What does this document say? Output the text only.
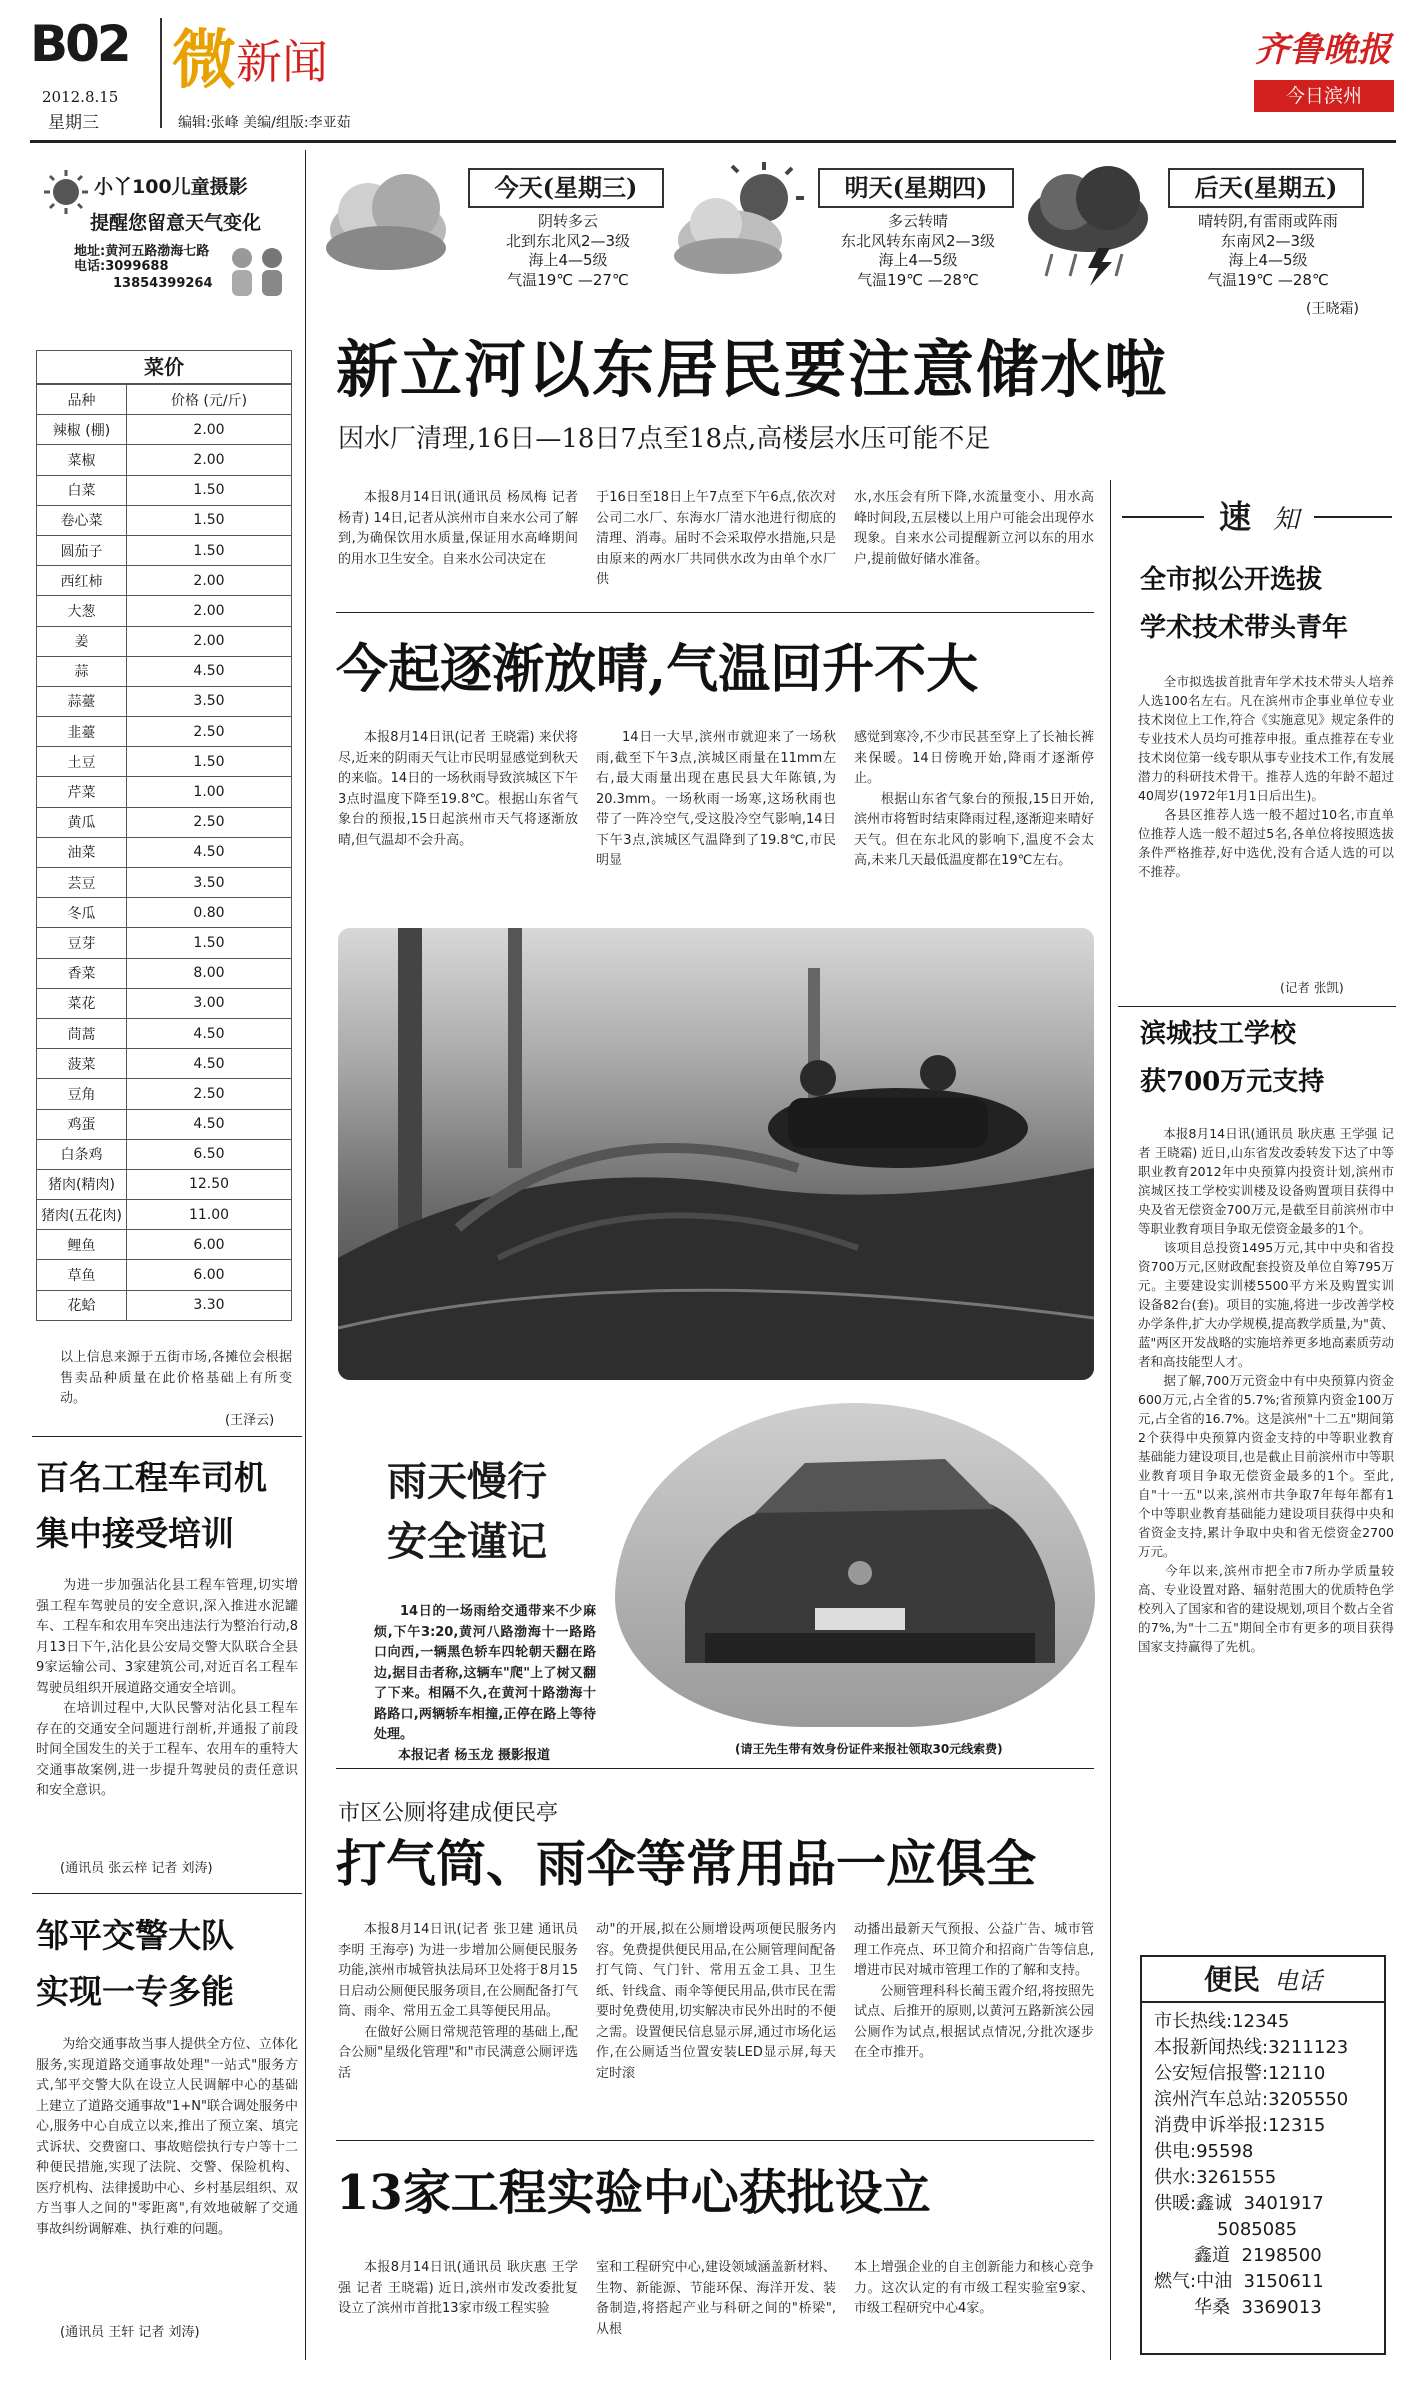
B02
2012.8.15
星期三
微新闻
编辑:张峰 美编/组版:李亚茹
齐鲁晚报
今日滨州
小丫100儿童摄影
提醒您留意天气变化
地址:黄河五路渤海七路
电话:3099688
13854399264
今天(星期三)
阴转多云
北到东北风2—3级
海上4—5级
气温19℃ —27℃
明天(星期四)
多云转晴
东北风转东南风2—3级
海上4—5级
气温19℃ —28℃
后天(星期五)
晴转阴,有雷雨或阵雨
东南风2—3级
海上4—5级
气温19℃ —28℃
(王晓霜)
菜价
品种	价格 (元/斤)
辣椒 (棚)	2.00
菜椒	2.00
白菜	1.50
卷心菜	1.50
圆茄子	1.50
西红柿	2.00
大葱	2.00
姜	2.00
蒜	4.50
蒜薹	3.50
韭薹	2.50
土豆	1.50
芹菜	1.00
黄瓜	2.50
油菜	4.50
芸豆	3.50
冬瓜	0.80
豆芽	1.50
香菜	8.00
菜花	3.00
茼蒿	4.50
菠菜	4.50
豆角	2.50
鸡蛋	4.50
白条鸡	6.50
猪肉(精肉)	12.50
猪肉(五花肉)	11.00
鲤鱼	6.00
草鱼	6.00
花蛤	3.30
以上信息来源于五街市场,各摊位会根据售卖品种质量在此价格基础上有所变动。
(王泽云)
百名工程车司机
集中接受培训
　　为进一步加强沾化县工程车管理,切实增强工程车驾驶员的安全意识,深入推进水泥罐车、工程车和农用车突出违法行为整治行动,8月13日下午,沾化县公安局交警大队联合全县9家运输公司、3家建筑公司,对近百名工程车驾驶员组织开展道路交通安全培训。
　　在培训过程中,大队民警对沾化县工程车存在的交通安全问题进行剖析,并通报了前段时间全国发生的关于工程车、农用车的重特大交通事故案例,进一步提升驾驶员的责任意识和安全意识。
(通讯员 张云梓 记者 刘涛)
邹平交警大队
实现一专多能
　　为给交通事故当事人提供全方位、立体化服务,实现道路交通事故处理"一站式"服务方式,邹平交警大队在设立人民调解中心的基础上建立了道路交通事故"1+N"联合调处服务中心,服务中心自成立以来,推出了预立案、填完式诉状、交费窗口、事故赔偿执行专户等十二种便民措施,实现了法院、交警、保险机构、医疗机构、法律援助中心、乡村基层组织、双方当事人之间的"零距离",有效地破解了交通事故纠纷调解难、执行难的问题。
(通讯员 王轩 记者 刘涛)
新立河以东居民要注意储水啦
因水厂清理,16日—18日7点至18点,高楼层水压可能不足
本报8月14日讯(通讯员 杨凤梅 记者 杨青) 14日,记者从滨州市自来水公司了解到,为确保饮用水质量,保证用水高峰期间的用水卫生安全。自来水公司决定在
于16日至18日上午7点至下午6点,依次对公司二水厂、东海水厂清水池进行彻底的清理、消毒。届时不会采取停水措施,只是由原来的两水厂共同供水改为由单个水厂供
水,水压会有所下降,水流量变小、用水高峰时间段,五层楼以上用户可能会出现停水现象。自来水公司提醒新立河以东的用水户,提前做好储水准备。
今起逐渐放晴,气温回升不大
本报8月14日讯(记者 王晓霜) 来伏将尽,近来的阴雨天气让市民明显感觉到秋天的来临。14日的一场秋雨导致滨城区下午3点时温度下降至19.8℃。根据山东省气象台的预报,15日起滨州市天气将逐渐放晴,但气温却不会升高。
14日一大早,滨州市就迎来了一场秋雨,截至下午3点,滨城区雨量在11mm左右,最大雨量出现在惠民县大年陈镇,为20.3mm。一场秋雨一场寒,这场秋雨也带了一阵冷空气,受这股冷空气影响,14日下午3点,滨城区气温降到了19.8℃,市民明显
感觉到寒冷,不少市民甚至穿上了长袖长裤来保暖。14日傍晚开始,降雨才逐渐停止。
　　根据山东省气象台的预报,15日开始,滨州市将暂时结束降雨过程,逐渐迎来晴好天气。但在东北风的影响下,温度不会太高,未来几天最低温度都在19℃左右。
雨天慢行
安全谨记
14日的一场雨给交通带来不少麻烦,下午3:20,黄河八路渤海十一路路口向西,一辆黑色轿车四轮朝天翻在路边,据目击者称,这辆车"爬"上了树又翻了下来。相隔不久,在黄河十路渤海十路路口,两辆轿车相撞,正停在路上等待处理。
本报记者 杨玉龙 摄影报道	(请王先生带有效身份证件来报社领取30元线索费)
市区公厕将建成便民亭
打气筒、雨伞等常用品一应俱全
本报8月14日讯(记者 张卫建 通讯员 李明 王海亭) 为进一步增加公厕便民服务功能,滨州市城管执法局环卫处将于8月15日启动公厕便民服务项目,在公厕配备打气筒、雨伞、常用五金工具等便民用品。
　　在做好公厕日常规范管理的基础上,配合公厕"星级化管理"和"市民满意公厕评选活
动"的开展,拟在公厕增设两项便民服务内容。免费提供便民用品,在公厕管理间配备打气筒、气门针、常用五金工具、卫生纸、针线盒、雨伞等便民用品,供市民在需要时免费使用,切实解决市民外出时的不便之需。设置便民信息显示屏,通过市场化运作,在公厕适当位置安装LED显示屏,每天定时滚
动播出最新天气预报、公益广告、城市管理工作亮点、环卫简介和招商广告等信息,增进市民对城市管理工作的了解和支持。
　　公厕管理科科长蔺玉霞介绍,将按照先试点、后推开的原则,以黄河五路新滨公园公厕作为试点,根据试点情况,分批次逐步在全市推开。
13家工程实验中心获批设立
本报8月14日讯(通讯员 耿庆惠 王学强 记者 王晓霜) 近日,滨州市发改委批复设立了滨州市首批13家市级工程实验
室和工程研究中心,建设领域涵盖新材料、生物、新能源、节能环保、海洋开发、装备制造,将搭起产业与科研之间的"桥梁",从根
本上增强企业的自主创新能力和核心竞争力。这次认定的有市级工程实验室9家、市级工程研究中心4家。
速 知
全市拟公开选拔
学术技术带头青年
　　全市拟选拔首批青年学术技术带头人培养人选100名左右。凡在滨州市企事业单位专业技术岗位上工作,符合《实施意见》规定条件的专业技术人员均可推荐申报。重点推荐在专业技术岗位第一线专职从事专业技术工作,有发展潜力的科研技术骨干。推荐人选的年龄不超过40周岁(1972年1月1日后出生)。
　　各县区推荐人选一般不超过10名,市直单位推荐人选一般不超过5名,各单位将按照选拔条件严格推荐,好中选优,没有合适人选的可以不推荐。
(记者 张凯)
滨城技工学校
获700万元支持
　　本报8月14日讯(通讯员 耿庆惠 王学强 记者 王晓霜) 近日,山东省发改委转发下达了中等职业教育2012年中央预算内投资计划,滨州市滨城区技工学校实训楼及设备购置项目获得中央及省无偿资金700万元,是截至目前滨州市中等职业教育项目争取无偿资金最多的1个。
　　该项目总投资1495万元,其中中央和省投资700万元,区财政配套投资及单位自筹795万元。主要建设实训楼5500平方米及购置实训设备82台(套)。项目的实施,将进一步改善学校办学条件,扩大办学规模,提高教学质量,为"黄、蓝"两区开发战略的实施培养更多地高素质劳动者和高技能型人才。
　　据了解,700万元资金中有中央预算内资金600万元,占全省的5.7%;省预算内资金100万元,占全省的16.7%。这是滨州"十二五"期间第2个获得中央预算内资金支持的中等职业教育基础能力建设项目,也是截止目前滨州市中等职业教育项目争取无偿资金最多的1个。至此,自"十一五"以来,滨州市共争取7年每年都有1个中等职业教育基础能力建设项目获得中央和省资金支持,累计争取中央和省无偿资金2700万元。
　　今年以来,滨州市把全市7所办学质量较高、专业设置对路、辐射范围大的优质特色学校列入了国家和省的建设规划,项目个数占全省的7%,为"十二五"期间全市有更多的项目获得国家支持赢得了先机。
便民 电话
市长热线:12345
本报新闻热线:3211123
公安短信报警:12110
滨州汽车总站:3205550
消费申诉举报:12315
供电:95598
供水:3261555
供暖:鑫诚  3401917
5085085
鑫道  2198500
燃气:中油  3150611
华桑  3369013
